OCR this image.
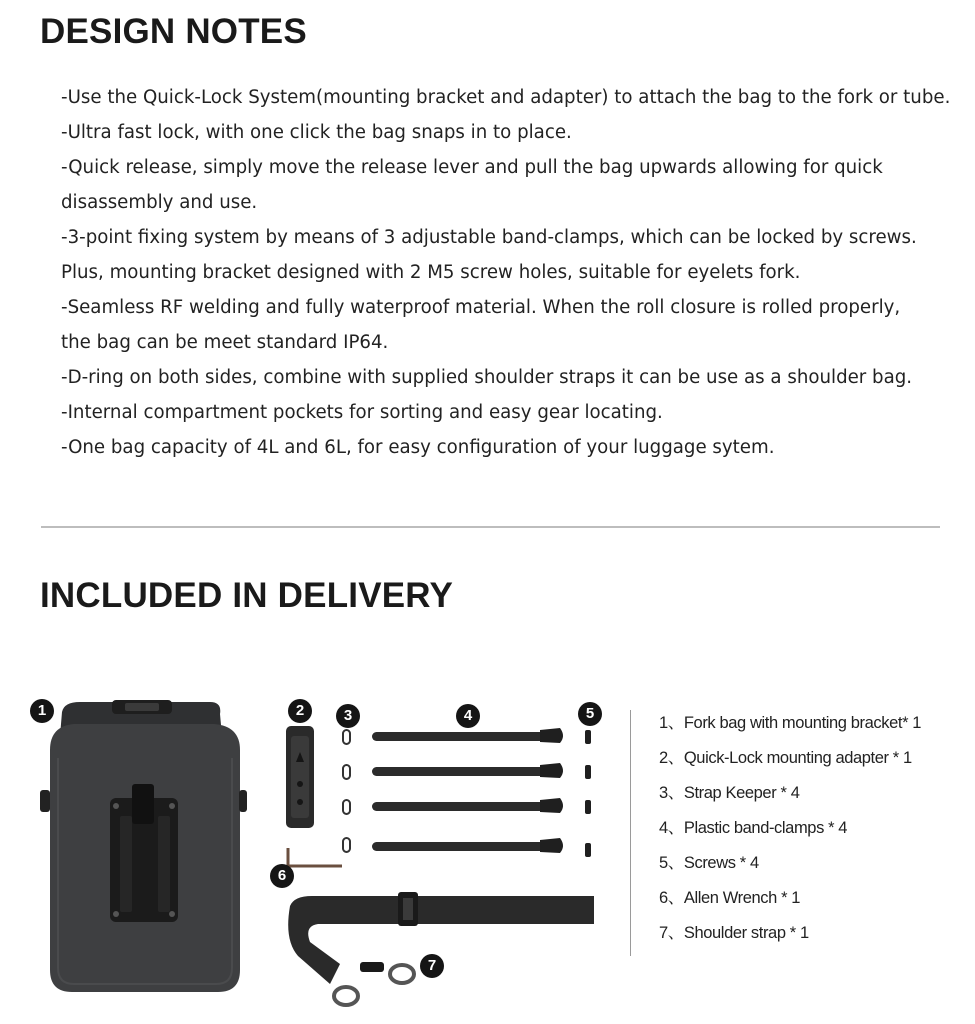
DESIGN NOTES
-Use the Quick-Lock System(mounting bracket and adapter) to attach the bag to the fork or tube.
-Ultra fast lock, with one click the bag snaps in to place.
-Quick release, simply move the release lever and pull the bag upwards allowing for quick
disassembly and use.
-3-point fixing system by means of 3 adjustable band-clamps, which can be locked by screws.
Plus, mounting bracket designed with 2 M5 screw holes, suitable for eyelets fork.
-Seamless RF welding and fully waterproof material. When the roll closure is rolled properly,
the bag can be meet standard IP64.
-D-ring on both sides, combine with supplied shoulder straps it can be use as a shoulder bag.
-Internal compartment pockets for sorting and easy gear locating.
-One bag capacity of 4L and 6L, for easy configuration of your luggage sytem.
INCLUDED IN DELIVERY
1	2	3	4	5
6
7
1、Fork bag with mounting bracket* 1
2、Quick-Lock mounting adapter * 1
3、Strap Keeper * 4
4、Plastic band-clamps * 4
5、Screws * 4
6、Allen Wrench * 1
7、Shoulder strap * 1
